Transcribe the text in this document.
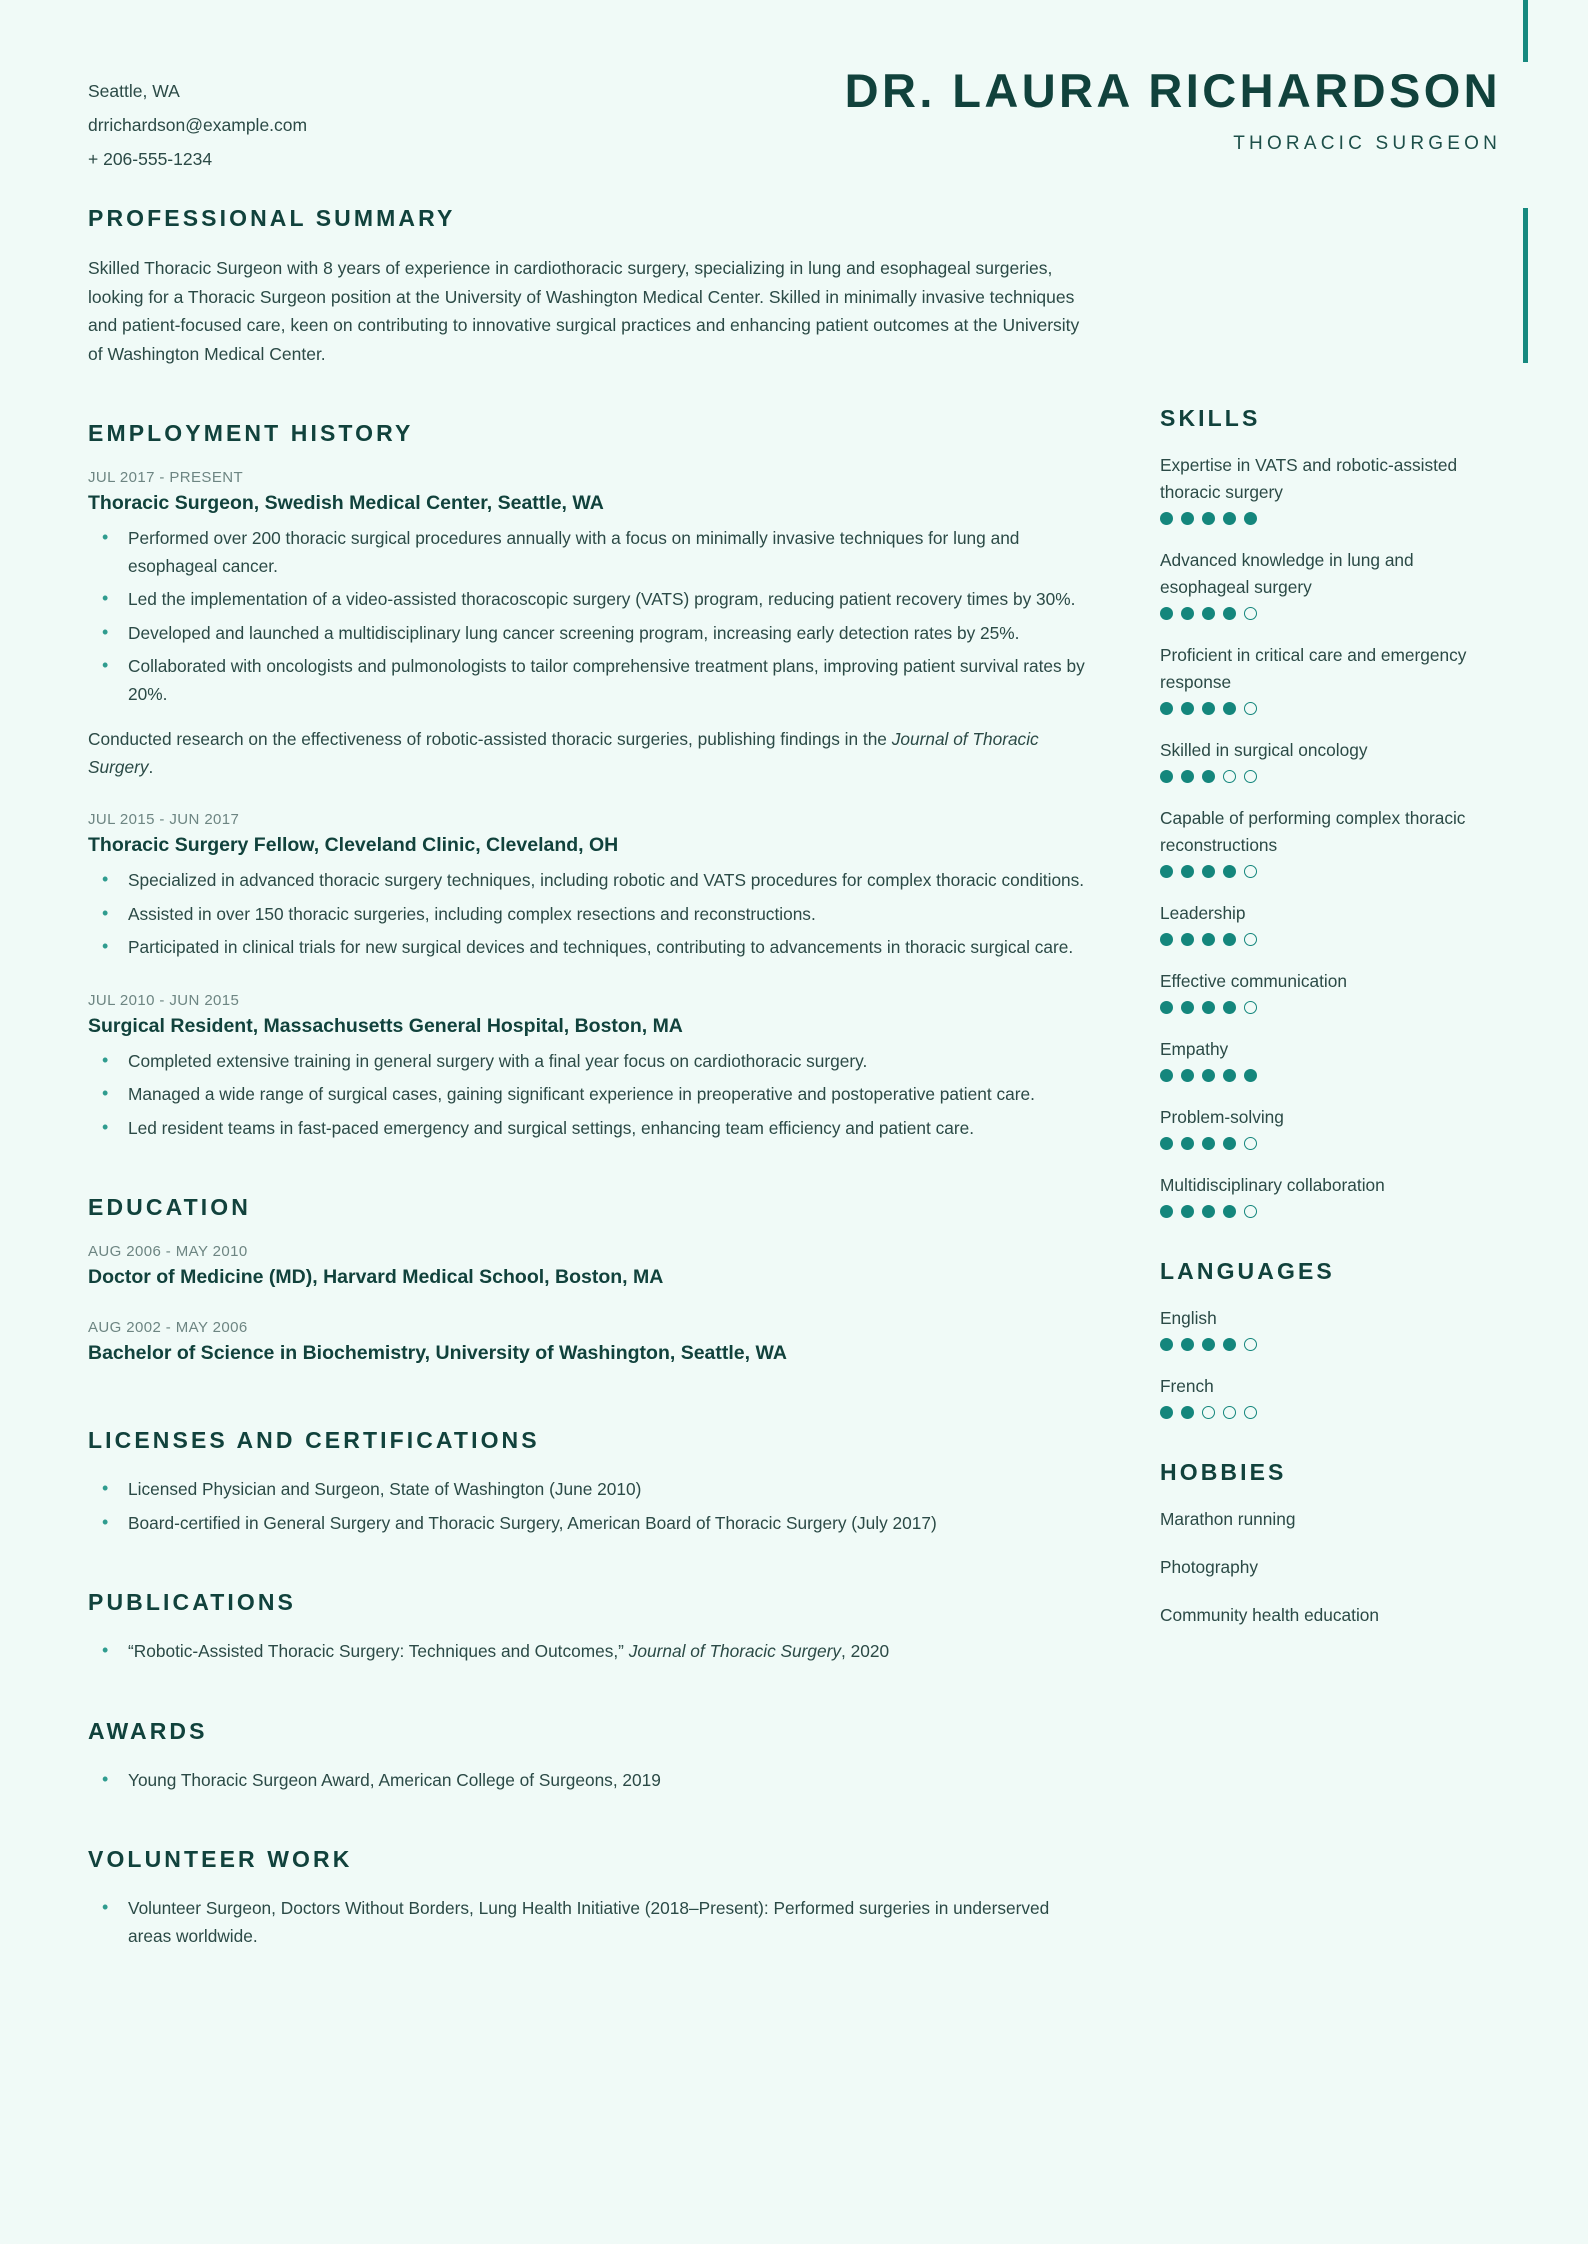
Seattle, WA
drrichardson@example.com
+ 206-555-1234
DR. LAURA RICHARDSON
THORACIC SURGEON
PROFESSIONAL SUMMARY
Skilled Thoracic Surgeon with 8 years of experience in cardiothoracic surgery, specializing in lung and esophageal surgeries, looking for a Thoracic Surgeon position at the University of Washington Medical Center. Skilled in minimally invasive techniques and patient-focused care, keen on contributing to innovative surgical practices and enhancing patient outcomes at the University of Washington Medical Center.
EMPLOYMENT HISTORY
JUL 2017 - PRESENT
Thoracic Surgeon, Swedish Medical Center, Seattle, WA
• Performed over 200 thoracic surgical procedures annually with a focus on minimally invasive techniques for lung and esophageal cancer.
• Led the implementation of a video-assisted thoracoscopic surgery (VATS) program, reducing patient recovery times by 30%.
• Developed and launched a multidisciplinary lung cancer screening program, increasing early detection rates by 25%.
• Collaborated with oncologists and pulmonologists to tailor comprehensive treatment plans, improving patient survival rates by 20%.
Conducted research on the effectiveness of robotic-assisted thoracic surgeries, publishing findings in the Journal of Thoracic Surgery.
JUL 2015 - JUN 2017
Thoracic Surgery Fellow, Cleveland Clinic, Cleveland, OH
• Specialized in advanced thoracic surgery techniques, including robotic and VATS procedures for complex thoracic conditions.
• Assisted in over 150 thoracic surgeries, including complex resections and reconstructions.
• Participated in clinical trials for new surgical devices and techniques, contributing to advancements in thoracic surgical care.
JUL 2010 - JUN 2015
Surgical Resident, Massachusetts General Hospital, Boston, MA
• Completed extensive training in general surgery with a final year focus on cardiothoracic surgery.
• Managed a wide range of surgical cases, gaining significant experience in preoperative and postoperative patient care.
• Led resident teams in fast-paced emergency and surgical settings, enhancing team efficiency and patient care.
EDUCATION
AUG 2006 - MAY 2010
Doctor of Medicine (MD), Harvard Medical School, Boston, MA
AUG 2002 - MAY 2006
Bachelor of Science in Biochemistry, University of Washington, Seattle, WA
LICENSES AND CERTIFICATIONS
• Licensed Physician and Surgeon, State of Washington (June 2010)
• Board-certified in General Surgery and Thoracic Surgery, American Board of Thoracic Surgery (July 2017)
PUBLICATIONS
• “Robotic-Assisted Thoracic Surgery: Techniques and Outcomes,” Journal of Thoracic Surgery, 2020
AWARDS
• Young Thoracic Surgeon Award, American College of Surgeons, 2019
VOLUNTEER WORK
• Volunteer Surgeon, Doctors Without Borders, Lung Health Initiative (2018–Present): Performed surgeries in underserved areas worldwide.
SKILLS
Expertise in VATS and robotic-assisted thoracic surgery
Advanced knowledge in lung and esophageal surgery
Proficient in critical care and emergency response
Skilled in surgical oncology
Capable of performing complex thoracic reconstructions
Leadership
Effective communication
Empathy
Problem-solving
Multidisciplinary collaboration
LANGUAGES
English
French
HOBBIES
Marathon running
Photography
Community health education
